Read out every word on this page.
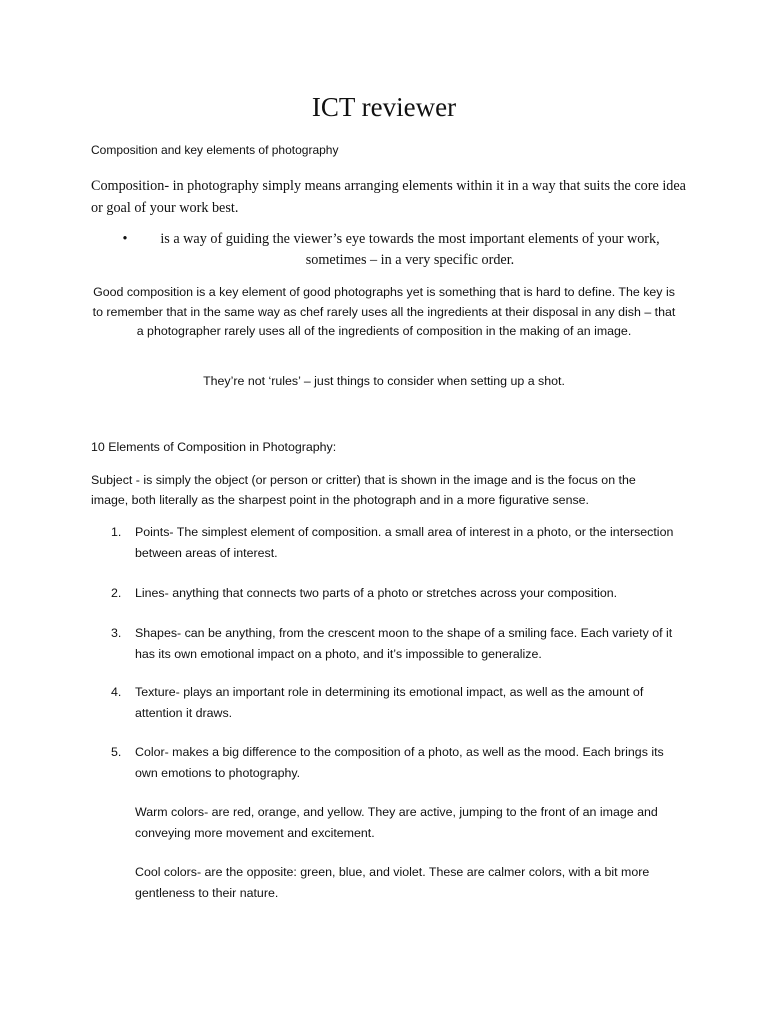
ICT reviewer
Composition and key elements of photography
Composition- in photography simply means arranging elements within it in a way that suits the core idea or goal of your work best.
•	is a way of guiding the viewer’s eye towards the most important elements of your work, sometimes – in a very specific order.
Good composition is a key element of good photographs yet is something that is hard to define. The key is to remember that in the same way as chef rarely uses all the ingredients at their disposal in any dish – that a photographer rarely uses all of the ingredients of composition in the making of an image.
They’re not ‘rules’ – just things to consider when setting up a shot.
10 Elements of Composition in Photography:
Subject - is simply the object (or person or critter) that is shown in the image and is the focus on the image, both literally as the sharpest point in the photograph and in a more figurative sense.
1.	Points- The simplest element of composition. a small area of interest in a photo, or the intersection between areas of interest.
2.	Lines- anything that connects two parts of a photo or stretches across your composition.
3.	Shapes- can be anything, from the crescent moon to the shape of a smiling face. Each variety of it has its own emotional impact on a photo, and it’s impossible to generalize.
4.	Texture- plays an important role in determining its emotional impact, as well as the amount of attention it draws.
5.	Color- makes a big difference to the composition of a photo, as well as the mood. Each brings its own emotions to photography.
Warm colors- are red, orange, and yellow. They are active, jumping to the front of an image and conveying more movement and excitement.
Cool colors- are the opposite: green, blue, and violet. These are calmer colors, with a bit more gentleness to their nature.
